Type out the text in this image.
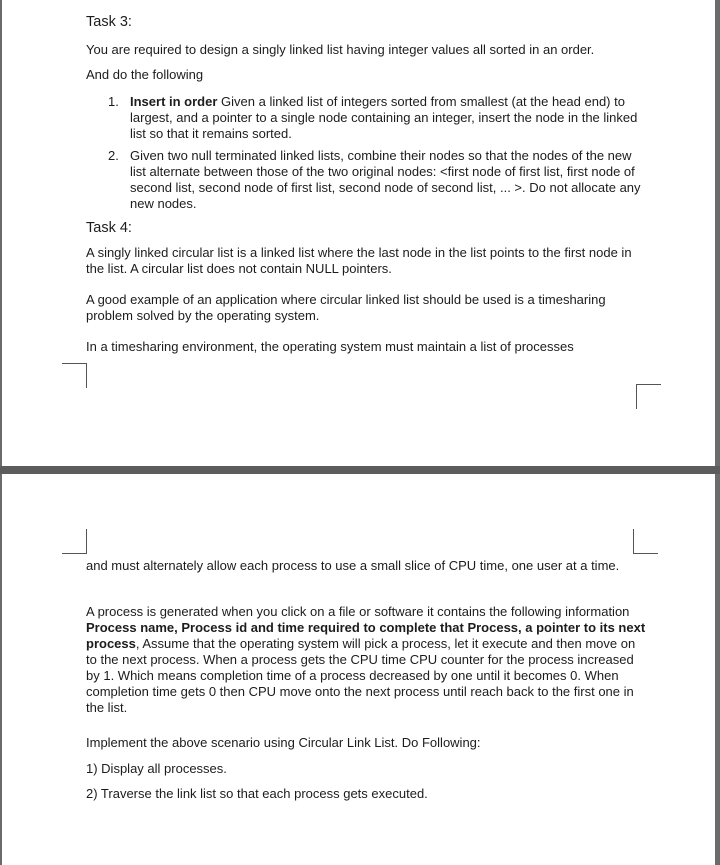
Task 3:

You are required to design a singly linked list having integer values all sorted in an order.

And do the following

1. Insert in order Given a linked list of integers sorted from smallest (at the head end) to largest, and a pointer to a single node containing an integer, insert the node in the linked list so that it remains sorted.
2. Given two null terminated linked lists, combine their nodes so that the nodes of the new list alternate between those of the two original nodes: <first node of first list, first node of second list, second node of first list, second node of second list, ... >. Do not allocate any new nodes.
Task 4:

A singly linked circular list is a linked list where the last node in the list points to the first node in the list. A circular list does not contain NULL pointers.

A good example of an application where circular linked list should be used is a timesharing problem solved by the operating system.

In a timesharing environment, the operating system must maintain a list of processes

and must alternately allow each process to use a small slice of CPU time, one user at a time.

A process is generated when you click on a file or software it contains the following information Process name, Process id and time required to complete that Process, a pointer to its next process, Assume that the operating system will pick a process, let it execute and then move on to the next process. When a process gets the CPU time CPU counter for the process increased by 1. Which means completion time of a process decreased by one until it becomes 0. When completion time gets 0 then CPU move onto the next process until reach back to the first one in the list.

Implement the above scenario using Circular Link List. Do Following:

1) Display all processes.

2) Traverse the link list so that each process gets executed.
